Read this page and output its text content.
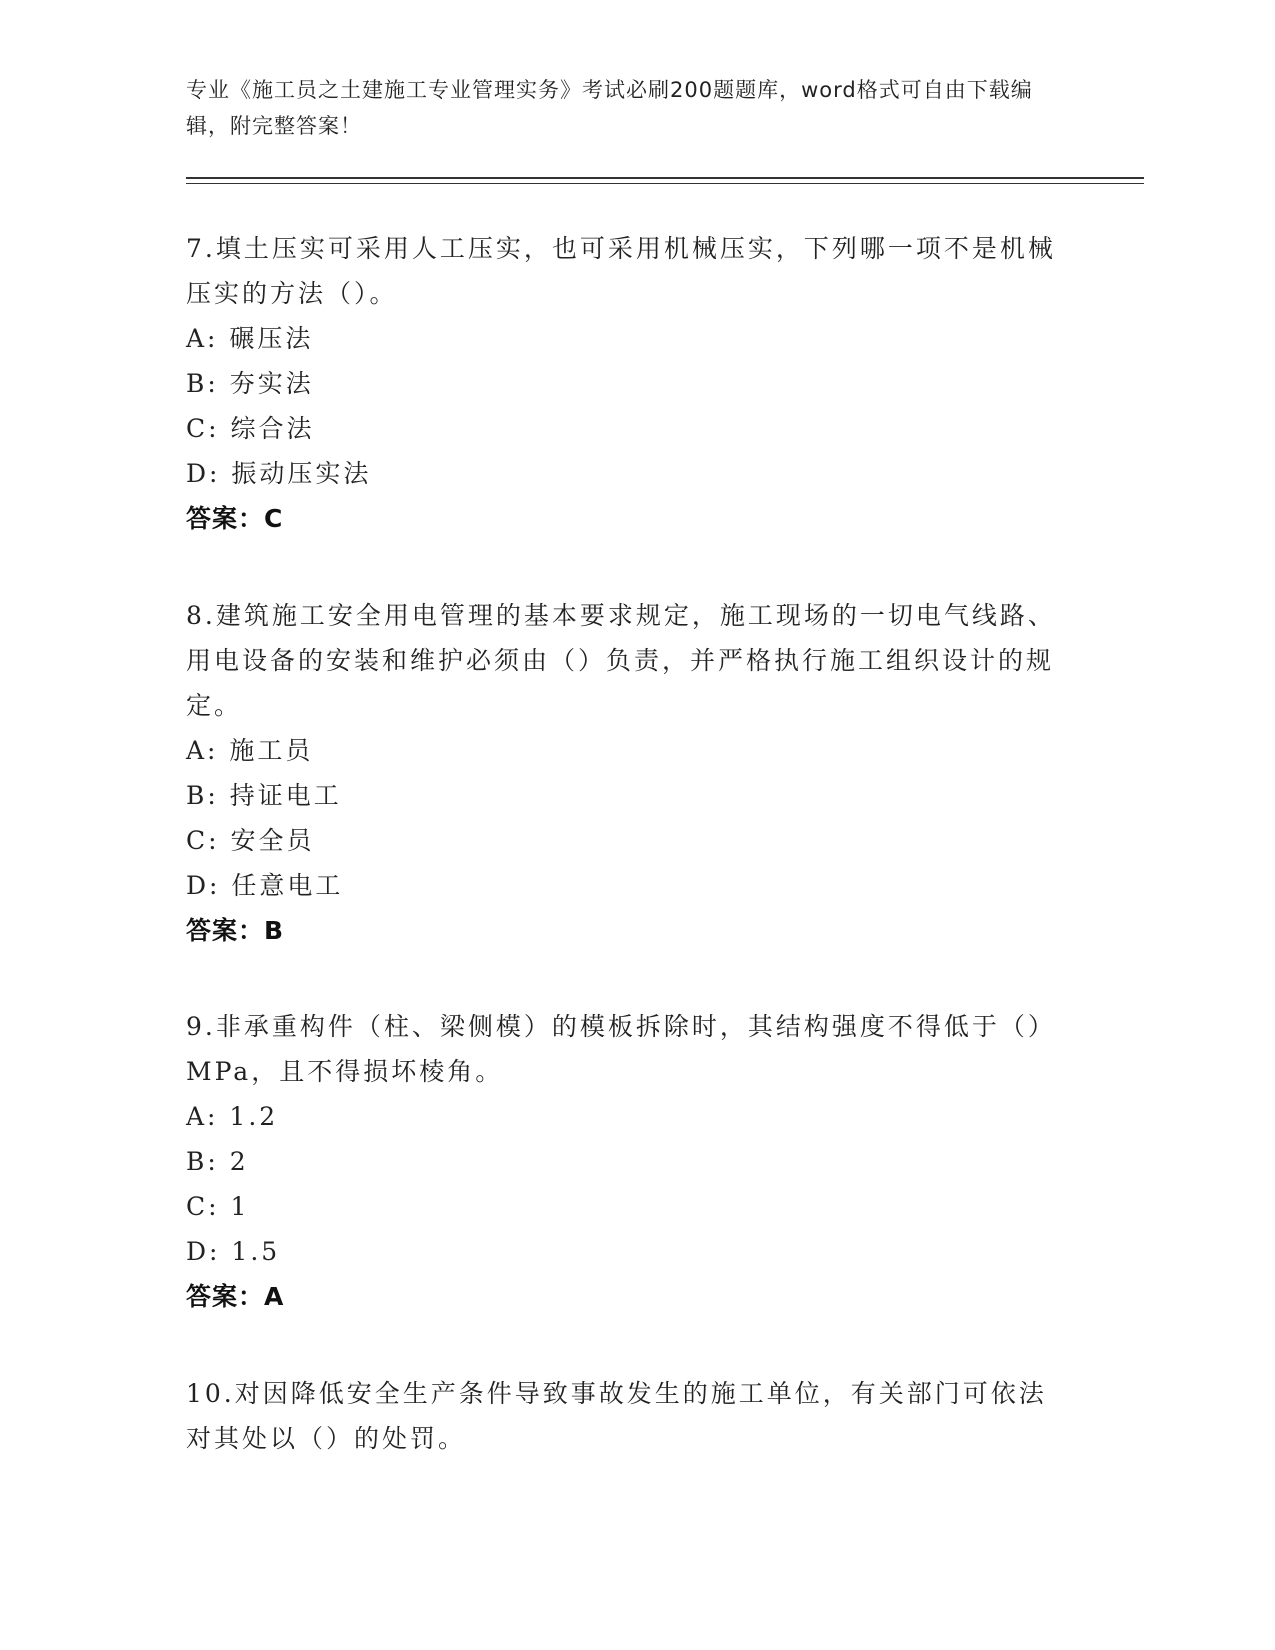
专业《施工员之土建施工专业管理实务》考试必刷200题题库，word格式可自由下载编辑，附完整答案！

7.填土压实可采用人工压实，也可采用机械压实，下列哪一项不是机械压实的方法（）。

A: 碾压法

B: 夯实法

C: 综合法

D: 振动压实法

答案：C

8.建筑施工安全用电管理的基本要求规定，施工现场的一切电气线路、用电设备的安装和维护必须由（）负责，并严格执行施工组织设计的规定。

A: 施工员

B: 持证电工

C: 安全员

D: 任意电工

答案：B

9.非承重构件（柱、梁侧模）的模板拆除时，其结构强度不得低于（）MPa，且不得损坏棱角。

A: 1.2

B: 2

C: 1

D: 1.5

答案：A

10.对因降低安全生产条件导致事故发生的施工单位，有关部门可依法对其处以（）的处罚。
